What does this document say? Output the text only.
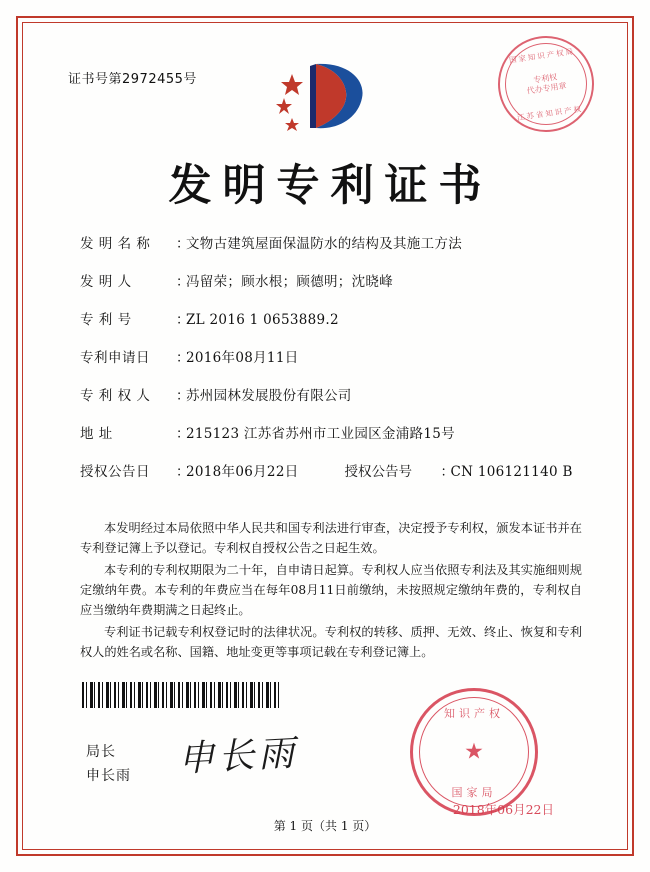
证书号第2972455号
国家知识产权局
专利权
代办专用章
江苏省知识产权
发明专利证书
发 明 名 称	：
文物古建筑屋面保温防水的结构及其施工方法
发 明 人	：
冯留荣；顾水根；顾德明；沈晓峰
专 利 号	：
ZL 2016 1 0653889.2
专利申请日	：
2016年08月11日
专 利 权 人	：
苏州园林发展股份有限公司
地 址	：
215123 江苏省苏州市工业园区金浦路15号
授权公告日	：
2018年06月22日	授权公告号	：
CN 106121140 B

本发明经过本局依照中华人民共和国专利法进行审查，决定授予专利权，颁发本证书并在专利登记簿上予以登记。专利权自授权公告之日起生效。

本专利的专利权期限为二十年，自申请日起算。专利权人应当依照专利法及其实施细则规定缴纳年费。本专利的年费应当在每年08月11日前缴纳，未按照规定缴纳年费的，专利权自应当缴纳年费期满之日起终止。

专利证书记载专利权登记时的法律状况。专利权的转移、质押、无效、终止、恢复和专利权人的姓名或名称、国籍、地址变更等事项记载在专利登记簿上。

局长
申长雨 申长雨
知识产权
★
国家局
2018年06月22日
第 1 页（共 1 页）
